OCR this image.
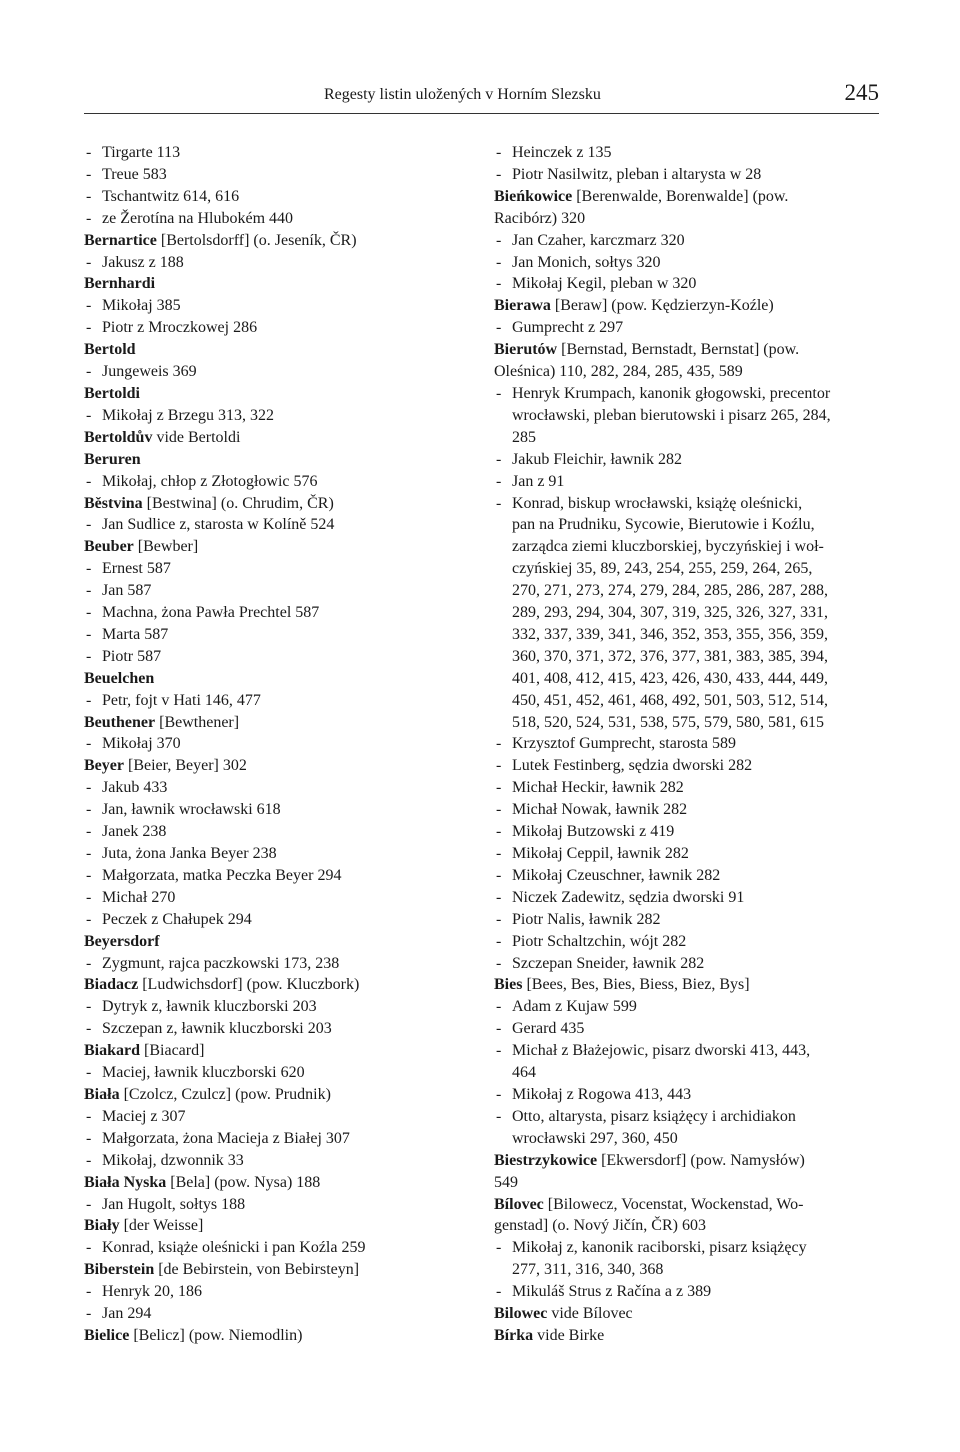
Regesty listin uložených v Horním Slezsku	245
- Tirgarte 113
- Treue 583
- Tschantwitz 614, 616
- ze Žerotína na Hlubokém 440
Bernartice [Bertolsdorff] (o. Jeseník, ČR)
- Jakusz z 188
Bernhardi
- Mikołaj 385
- Piotr z Mroczkowej 286
Bertold
- Jungeweis 369
Bertoldi
- Mikołaj z Brzegu 313, 322
Bertoldův vide Bertoldi
Beruren
- Mikołaj, chłop z Złotogłowic 576
Běstvina [Bestwina] (o. Chrudim, ČR)
- Jan Sudlice z, starosta w Kolíně 524
Beuber [Bewber]
- Ernest 587
- Jan 587
- Machna, żona Pawła Prechtel 587
- Marta 587
- Piotr 587
Beuelchen
- Petr, fojt v Hati 146, 477
Beuthener [Bewthener]
- Mikołaj 370
Beyer [Beier, Beyer] 302
- Jakub 433
- Jan, ławnik wrocławski 618
- Janek 238
- Juta, żona Janka Beyer 238
- Małgorzata, matka Peczka Beyer 294
- Michał 270
- Peczek z Chałupek 294
Beyersdorf
- Zygmunt, rajca paczkowski 173, 238
Biadacz [Ludwichsdorf] (pow. Kluczbork)
- Dytryk z, ławnik kluczborski 203
- Szczepan z, ławnik kluczborski 203
Biakard [Biacard]
- Maciej, ławnik kluczborski 620
Biała [Czolcz, Czulcz] (pow. Prudnik)
- Maciej z 307
- Małgorzata, żona Macieja z Białej 307
- Mikołaj, dzwonnik 33
Biała Nyska [Bela] (pow. Nysa) 188
- Jan Hugolt, sołtys 188
Biały [der Weisse]
- Konrad, książe oleśnicki i pan Koźla 259
Biberstein [de Bebirstein, von Bebirsteyn]
- Henryk 20, 186
- Jan 294
Bielice [Belicz] (pow. Niemodlin)
- Heinczek z 135
- Piotr Nasilwitz, pleban i altarysta w 28
Bieńkowice [Berenwalde, Borenwalde] (pow.
Racibórz) 320
- Jan Czaher, karczmarz 320
- Jan Monich, sołtys 320
- Mikołaj Kegil, pleban w 320
Bierawa [Beraw] (pow. Kędzierzyn-Koźle)
- Gumprecht z 297
Bierutów [Bernstad, Bernstadt, Bernstat] (pow.
Oleśnica) 110, 282, 284, 285, 435, 589
- Henryk Krumpach, kanonik głogowski, precentor
wrocławski, pleban bierutowski i pisarz 265, 284,
285
- Jakub Fleichir, ławnik 282
- Jan z 91
- Konrad, biskup wrocławski, książę oleśnicki,
pan na Prudniku, Sycowie, Bierutowie i Koźlu,
zarządca ziemi kluczborskiej, byczyńskiej i woł-
czyńskiej 35, 89, 243, 254, 255, 259, 264, 265,
270, 271, 273, 274, 279, 284, 285, 286, 287, 288,
289, 293, 294, 304, 307, 319, 325, 326, 327, 331,
332, 337, 339, 341, 346, 352, 353, 355, 356, 359,
360, 370, 371, 372, 376, 377, 381, 383, 385, 394,
401, 408, 412, 415, 423, 426, 430, 433, 444, 449,
450, 451, 452, 461, 468, 492, 501, 503, 512, 514,
518, 520, 524, 531, 538, 575, 579, 580, 581, 615
- Krzysztof Gumprecht, starosta 589
- Lutek Festinberg, sędzia dworski 282
- Michał Heckir, ławnik 282
- Michał Nowak, ławnik 282
- Mikołaj Butzowski z 419
- Mikołaj Ceppil, ławnik 282
- Mikołaj Czeuschner, ławnik 282
- Niczek Zadewitz, sędzia dworski 91
- Piotr Nalis, ławnik 282
- Piotr Schaltzchin, wójt 282
- Szczepan Sneider, ławnik 282
Bies [Bees, Bes, Bies, Biess, Biez, Bys]
- Adam z Kujaw 599
- Gerard 435
- Michał z Błażejowic, pisarz dworski 413, 443,
464
- Mikołaj z Rogowa 413, 443
- Otto, altarysta, pisarz książęcy i archidiakon
wrocławski 297, 360, 450
Biestrzykowice [Ekwersdorf] (pow. Namysłów)
549
Bílovec [Bilowecz, Vocenstat, Wockenstad, Wo-
genstad] (o. Nový Jičín, ČR) 603
- Mikołaj z, kanonik raciborski, pisarz książęcy
277, 311, 316, 340, 368
- Mikuláš Strus z Račína a z 389
Bilowec vide Bílovec
Bírka vide Birke
